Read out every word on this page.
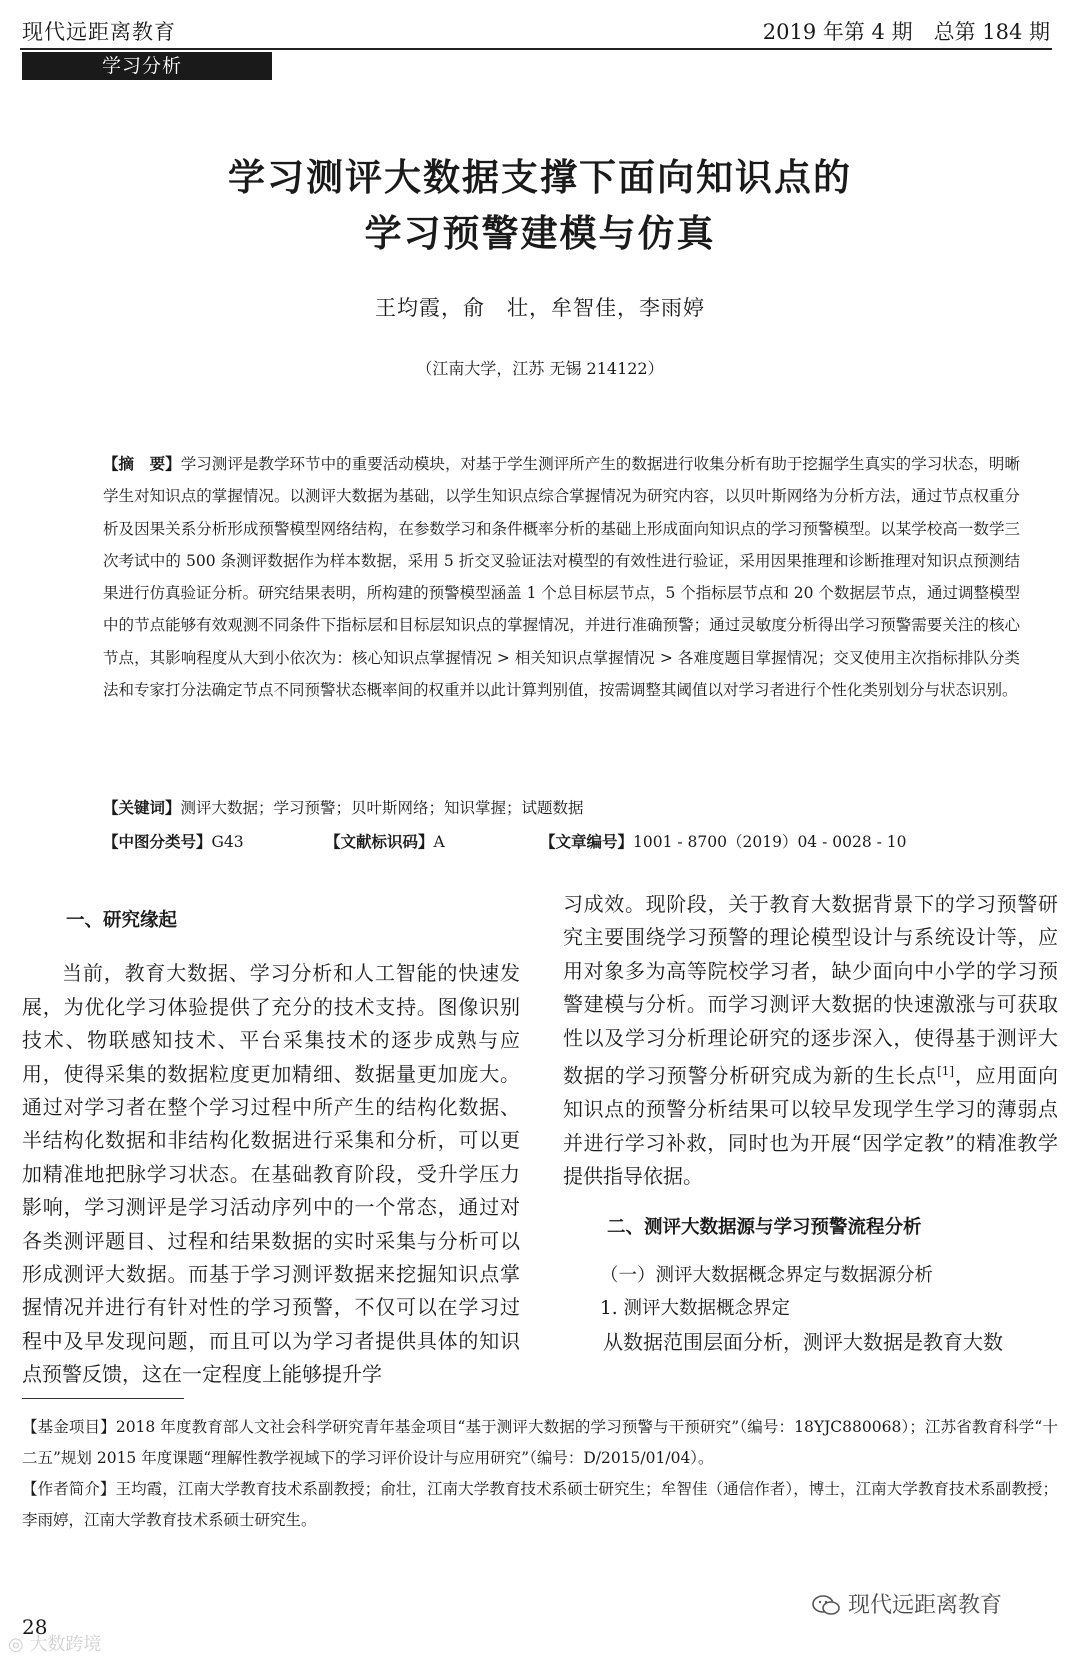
现代远距离教育	2019 年第 4 期　总第 184 期
学习分析
学习测评大数据支撑下面向知识点的
学习预警建模与仿真
王均霞，俞　壮，牟智佳，李雨婷
（江南大学，江苏 无锡 214122）
【摘　要】学习测评是教学环节中的重要活动模块，对基于学生测评所产生的数据进行收集分析有助于挖掘学生真实的学习状态，明晰学生对知识点的掌握情况。以测评大数据为基础，以学生知识点综合掌握情况为研究内容，以贝叶斯网络为分析方法，通过节点权重分析及因果关系分析形成预警模型网络结构，在参数学习和条件概率分析的基础上形成面向知识点的学习预警模型。以某学校高一数学三次考试中的 500 条测评数据作为样本数据，采用 5 折交叉验证法对模型的有效性进行验证，采用因果推理和诊断推理对知识点预测结果进行仿真验证分析。研究结果表明，所构建的预警模型涵盖 1 个总目标层节点，5 个指标层节点和 20 个数据层节点，通过调整模型中的节点能够有效观测不同条件下指标层和目标层知识点的掌握情况，并进行准确预警；通过灵敏度分析得出学习预警需要关注的核心节点，其影响程度从大到小依次为：核心知识点掌握情况 > 相关知识点掌握情况 > 各难度题目掌握情况；交叉使用主次指标排队分类法和专家打分法确定节点不同预警状态概率间的权重并以此计算判别值，按需调整其阈值以对学习者进行个性化类别划分与状态识别。
【关键词】测评大数据；学习预警；贝叶斯网络；知识掌握；试题数据
【中图分类号】G43	【文献标识码】A	【文章编号】1001 - 8700（2019）04 - 0028 - 10
一、研究缘起

当前，教育大数据、学习分析和人工智能的快速发展，为优化学习体验提供了充分的技术支持。图像识别技术、物联感知技术、平台采集技术的逐步成熟与应用，使得采集的数据粒度更加精细、数据量更加庞大。通过对学习者在整个学习过程中所产生的结构化数据、半结构化数据和非结构化数据进行采集和分析，可以更加精准地把脉学习状态。在基础教育阶段，受升学压力影响，学习测评是学习活动序列中的一个常态，通过对各类测评题目、过程和结果数据的实时采集与分析可以形成测评大数据。而基于学习测评数据来挖掘知识点掌握情况并进行有针对性的学习预警，不仅可以在学习过程中及早发现问题，而且可以为学习者提供具体的知识点预警反馈，这在一定程度上能够提升学

习成效。现阶段，关于教育大数据背景下的学习预警研究主要围绕学习预警的理论模型设计与系统设计等，应用对象多为高等院校学习者，缺少面向中小学的学习预警建模与分析。而学习测评大数据的快速激涨与可获取性以及学习分析理论研究的逐步深入，使得基于测评大数据的学习预警分析研究成为新的生长点[1]，应用面向知识点的预警分析结果可以较早发现学生学习的薄弱点并进行学习补救，同时也为开展“因学定教”的精准教学提供指导依据。

二、测评大数据源与学习预警流程分析
（一）测评大数据概念界定与数据源分析
1. 测评大数据概念界定

从数据范围层面分析，测评大数据是教育大数

【基金项目】2018 年度教育部人文社会科学研究青年基金项目“基于测评大数据的学习预警与干预研究”（编号：18YJC880068）；江苏省教育科学“十二五”规划 2015 年度课题“理解性教学视域下的学习评价设计与应用研究”（编号：D/2015/01/04）。
【作者简介】王均霞，江南大学教育技术系副教授；俞壮，江南大学教育技术系硕士研究生；牟智佳（通信作者），博士，江南大学教育技术系副教授；李雨婷，江南大学教育技术系硕士研究生。
28
现代远距离教育
◎ 大数跨境
